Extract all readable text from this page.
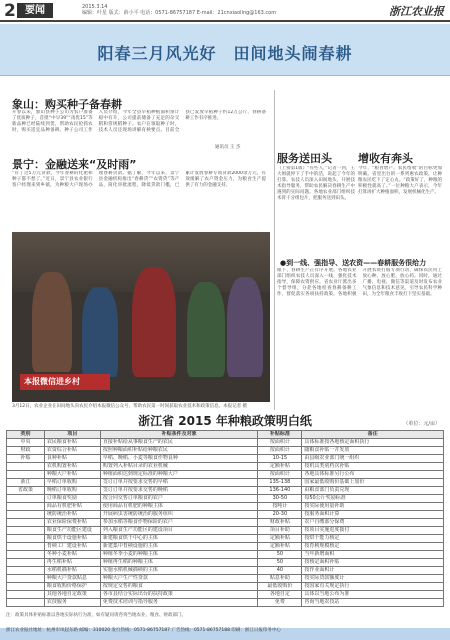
2 要闻	2015.3.14
编辑：叶星 版式：薛小平 电话：0571-86757187 E-mail：21cnxiaoling@163.com	浙江农业报
阳春三月风光好　田间地头闹春耕
象山：购买种子备春耕
开春以来，象山县种子公司为农户准备了优质种子，首批“中早39”“甬优15”等新品种已经陆续到货，帮助农民抢抓农时，购买适宜品种备耕。种子公司工作人员介绍，今年全县早稻种植面积预计稳中有升，公司提前储备了充足的杂交稻和常规稻种子。农户在领取种子时，技术人员还现场讲解育秧要点。目前全县已发放早稻种子约12万公斤，春耕备耕工作有序推进。
通讯员 王 杰
景宁：金融送来“及时雨”
“有了这5万元贷款，今年春耕的化肥和种子都不愁了。”近日，景宁县农业银行客户经理来到乡镇，为种粮大户现场办理春耕贷款。据了解，今年以来，景宁县金融机构推出“春耕贷”“农资贷”等产品，简化审批流程，降低贷款门槛，已累计发放春耕专项贷款2000余万元，有效缓解了农户资金压力，为粮食生产提供了有力的金融支持。
本报微信进乡村
3月12日，农业企业在田间地头向农民介绍本报微信公众号，帮助农民第一时间获取农业技术和政策信息。本报记者 摄
服务送田头 增收有奔头
（上接第1版）“有些人，”记者一到，王大姐就停下了手中的活，说起了今年的打算。农技人员深入田间地头，开展技术指导服务，帮助农民解决春耕生产中遇到的实际问题。各地农业部门组织技术骨干分组包片，把服务送到田头。
今年，“粮食增产、农民增收”的目标更加明确。省里出台的一系列惠农政策，让种粮农民吃下了定心丸。“政策好了，种粮的积极性就高了。”一位种粮大户表示，今年打算再扩大种植面积，发展机械化生产。
●到一线、强指导、送农资——春耕服务很给力
眼下，春耕生产正有序开展。各地农业部门组织农技人员深入一线，强化技术指导，保障农资供应。省农业厅派出多个督导组，分赴各地检查春耕备耕工作，督促落实各项扶持政策。各地积极开展农资打假专项行动，确保农民用上放心种、放心肥、放心药。同时，通过广播、电视、微信等渠道及时发布农业气象信息和技术意见，引导农民科学种田，为全年粮食丰收打下坚实基础。
浙江省 2015 年种粮政策明白纸	（单位：元/亩）
类别	项目	补贴条件及对象	补贴标准	备注
中央	农民粮食补贴	直接补贴给从事粮食生产的农民	按面积计	具体标准按各地核定面积执行
财政	农资综合补贴	按照种粮面积补贴给种粮农民	按面积计	随粮食补贴一并发放
补贴	良种补贴	早稻、晚稻、小麦等粮食作物良种	10-15	由县级农业部门统一组织
	农机购置补贴	购置列入补贴目录的农业机械	定额补贴	按机具类别档次补贴
	种粮大户补贴	种植面积达到规定标准的种粮大户	按面积计	各地具体标准另行公布
浙江	早稻订单收购	签订订单并按要求交售的早稻	135-138	国家最低收购价基础上加价
省政策	晚稻订单收购	签订订单并按要求交售的晚稻	136-140	由粮食部门负责兑现
	订单粮食奖励	按合同交售订单粮食的农户	30-50	每50公斤奖励标准
	商品有机肥补贴	使用商品有机肥的种粮主体	按吨计	按实际使用量补助
	统防统治补贴	开展病虫害统防统治的服务组织	20-30	按服务面积计算
	农业保险保费补贴	参加水稻等粮食作物保险的农户	财政补贴	农户自缴部分保费
	粮食生产功能区建设	列入粮食生产功能区的建设项目	项目补助	按项目实施进度拨付
	粮食烘干设施补贴	新建粮食烘干中心的主体	定额补贴	按烘干能力核定
	育秧工厂建设补贴	新建集中育秧设施的主体	定额补贴	按育秧规模核定
	冬种小麦补贴	种植冬季小麦的种粮主体	50	当年新增面积
	再生稻补贴	种植再生稻的种粮主体	50	按核定面积补贴
	水稻机插补贴	实施水稻机械插秧的主体	40	按作业面积计
	种粮大户贷款贴息	种粮大户生产性贷款	贴息补助	按实际贷款额度计
	粮食收购价格保护	按规定交售的粮食	最低收购价	按国家有关规定执行
	其他各地自定政策	各市县结合实际出台的扶持政策	各地自定	具体以当地公布为准
	农技服务	免费技术培训与指导服务	免费	咨询当地农技站
注：政策具体补贴标准以各地实际执行为准，如有疑问请咨询当地农业、粮食、财政部门。
浙江农业报社地址：杭州市凤起东路 邮编：310020 发行热线：0571-86757187 广告热线：0571-86757188 印刷：浙江日报印务中心
